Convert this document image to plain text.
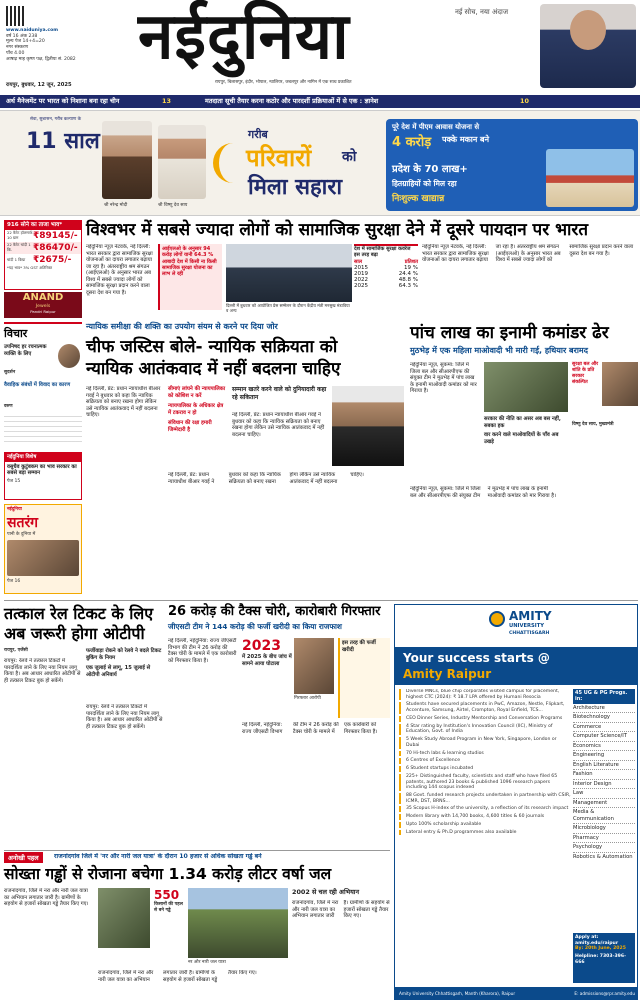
www.naiduniya.com
वर्ष 16 अंक 238
मूल्य पेज 14+4=20
नगर संस्करण
पाँच 4.00
आषाढ़ माह कृष्ण पक्ष, द्वितीया सं. 2082 नईदुनिया	नई सोच, नया अंदाज
रायपुर, बिलासपुर, इंदौर, भोपाल, ग्वालियर, जबलपुर और नागिन में एक साथ प्रकाशित
रायपुर, बुधवार, 12 जून, 2025
अर्थ मैनेजमेंट पर भारत को निशाना बना रहा चीन	13	मतदाता सूची तैयार करना कठोर और पारदर्शी प्रक्रियाओं में से एक : ज्ञानेश	10
सेवा, सुशासन, गरीब कल्याण के
11 साल
श्री नरेन्द्र मोदी	श्री विष्णु देव साय
गरीब
परिवारों को
मिला सहारा
पूरे देश में पीएम आवास योजना से
4 करोड़ पक्के मकान बने
प्रदेश के 70 लाख+
हितग्राहियों को मिल रहा
निःशुल्क खाद्यान्न
916 सोने का ताजा भाव*
22 कैरेट हॉलमार्क 10 ग्राम	₹89145/-
22 कैरेट चांदी 1 कि.	₹86470/-
चांदी 1 किग्रा ₹2675/-
*यह भाव* 3% GST अतिरिक्त
ANAND
Jewels
Pandri Raipur
विचार
उपनिषद हर रचनात्मक व्यक्ति के लिए
सुदर्शन
वैवाहिक संबंधों में विवाद का कारण
वरुण
नईदुनिया विशेष
वसुधैव कुटुंबकम का भाव सरकार का सबसे बड़ा सम्मान
पेज 15
नईदुनिया
सतरंग
पानी के दुनिया में
पेज 16
विश्वभर में सबसे ज्यादा लोगों को सामाजिक सुरक्षा देने में दूसरे पायदान पर भारत
आईएलओ के अनुसार 94 करोड़ लोगों यानी 64.3 % आबादी देश में किसी ना किसी सामाजिक सुरक्षा योजना का लाभ ले रही
नईदुनिया न्यूज़ नेटवर्क, नई दिल्ली: भारत सरकार द्वारा सामाजिक सुरक्षा योजनाओं का दायरा लगातार बढ़ाया जा रहा है। अंतरराष्ट्रीय श्रम संगठन (आईएलओ) के अनुसार भारत अब विश्व में सबसे ज्यादा लोगों को सामाजिक सुरक्षा प्रदान करने वाला दूसरा देश बन गया है।
दिल्ली में बुधवार को आयोजित प्रेस सम्मेलन के दौरान केंद्रीय मंत्री मनसुख मंडाविया व अन्य
देश में सामाजिक सुरक्षा कवरेज इस तरह बढ़ा
साल	प्रतिशत
2015	19 %
2019	24.4 %
2022	48.8 %
2025	64.3 %
नईदुनिया न्यूज़ नेटवर्क, नई दिल्ली: भारत सरकार द्वारा सामाजिक सुरक्षा योजनाओं का दायरा लगातार बढ़ाया जा रहा है। अंतरराष्ट्रीय श्रम संगठन (आईएलओ) के अनुसार भारत अब विश्व में सबसे ज्यादा लोगों को सामाजिक सुरक्षा प्रदान करने वाला दूसरा देश बन गया है।
न्यायिक समीक्षा की शक्ति का उपयोग संयम से करने पर दिया जोर
चीफ जस्टिस बोले- न्यायिक सक्रियता को
न्यायिक आतंकवाद में नहीं बदलना चाहिए
नई दिल्ली, प्रेट: प्रधान न्यायाधीश बीआर गवई ने बुधवार को कहा कि न्यायिक सक्रियता को बनाए रखना होगा लेकिन उसे न्यायिक आतंकवाद में नहीं बदलना चाहिए।
सीमाएं लांघने की न्यायपालिका को कोशिश न करें
न्यायपालिका के अधिकार क्षेत्र में टकराव न हो
संविधान की रक्षा हमारी जिम्मेदारी है
सम्मान खतरे करने वाले को दुनियादारी कहा रहे सकितान
नई दिल्ली, प्रेट: प्रधान न्यायाधीश बीआर गवई ने बुधवार को कहा कि न्यायिक सक्रियता को बनाए रखना होगा लेकिन उसे न्यायिक आतंकवाद में नहीं बदलना चाहिए।
नई दिल्ली, प्रेट: प्रधान न्यायाधीश बीआर गवई ने बुधवार को कहा कि न्यायिक सक्रियता को बनाए रखना होगा लेकिन उसे न्यायिक आतंकवाद में नहीं बदलना चाहिए।
पांच लाख का इनामी कमांडर ढेर
मुठभेड़ में एक महिला माओवादी भी मारी गई, हथियार बरामद
नईदुनिया न्यूज़, सुकमा: जिले में जिला बल और सीआरपीएफ की संयुक्त टीम ने मुठभेड़ में पांच लाख के इनामी माओवादी कमांडर को मार गिराया है।
सरकार की नीति का असर अब बस नहीं, सबका हक
वार करने वाले माओवादियों के पाँव अब उखड़े
सुरक्षा बल और शांति के प्रति सरकार संकल्पित
विष्णु देव साय, मुख्यमंत्री
नईदुनिया न्यूज़, सुकमा: जिले में जिला बल और सीआरपीएफ की संयुक्त टीम ने मुठभेड़ में पांच लाख के इनामी माओवादी कमांडर को मार गिराया है।
तत्काल रेल टिकट के लिए अब जरूरी होगा ओटीपी
रायपुर, एजेंसी	फर्जीवाड़ा रोकने को रेलवे ने बदले टिकट बुकिंग के नियम
एक जुलाई से लागू, 15 जुलाई से ओटीपी अनिवार्य
रायपुर: रेलवे ने तत्काल टिकटों में पारदर्शिता लाने के लिए नया नियम लागू किया है। अब आधार आधारित ओटीपी से ही तत्काल टिकट बुक हो सकेंगे।
रायपुर: रेलवे ने तत्काल टिकटों में पारदर्शिता लाने के लिए नया नियम लागू किया है। अब आधार आधारित ओटीपी से ही तत्काल टिकट बुक हो सकेंगे।
26 करोड़ की टैक्स चोरी, कारोबारी गिरफ्तार
जीएसटी टीम ने 144 करोड़ की फर्जी खरीदी का किया राजफाश
नई दिल्ली, नईदुनिया: राज्य जीएसटी विभाग की टीम ने 26 करोड़ की टैक्स चोरी के मामले में एक कारोबारी को गिरफ्तार किया है।
2023
में 2025 के बीच जांच में सामने आया घोटाला
गिरफ्तार आरोपी
इस तरह की फर्जी खरीदी
नई दिल्ली, नईदुनिया: राज्य जीएसटी विभाग की टीम ने 26 करोड़ की टैक्स चोरी के मामले में एक कारोबारी को गिरफ्तार किया है।
अनोखी पहल	राजनांदगांव जिले में 'नर और नारी जल यात्रा' के दौरान 10 हजार से अधिक सोखता गड्ढे बने
सोख्ता गड्ढों से रोजाना बचेगा 1.34 करोड़ लीटर वर्षा जल
राजनांदगांव, जिले में नरा और नारी जल यात्रा का अभियान लगातार जारी है। ग्रामीणों के सहयोग से हजारों सोखता गड्ढे तैयार किए गए।
550
किसानों की पहल से बने गड्ढे
नर और नारी जल यात्रा
2002 से चल रही अभियान
राजनांदगांव, जिले में नरा और नारी जल यात्रा का अभियान लगातार जारी है। ग्रामीणों के सहयोग से हजारों सोखता गड्ढे तैयार किए गए।
राजनांदगांव, जिले में नरा और नारी जल यात्रा का अभियान लगातार जारी है। ग्रामीणों के सहयोग से हजारों सोखता गड्ढे तैयार किए गए।
AMITY
UNIVERSITY
CHHATTISGARH
Your success starts @
Amity Raipur
Diverse MNCs, blue chip corporates visited campus for placement, highest CTC (2024): ₹ 18.7 LPA offered by Humani Resocia
Students have secured placements in PwC, Amazon, Nestle, Flipkart, Accenture, Samsung, Airtel, Crompton, Royal Enfield, TCS...
CEO Dinner Series, Industry Mentorship and Conversation Programs
4 Star rating by Institution's Innovation Council (IIC), Ministry of Education, Govt. of India
5 Week Study Abroad Program in New York, Singapore, London or Dubai
70 Hi-tech labs & learning studios
6 Centres of Excellence
6 Student startups incubated
225+ Distinguished faculty, scientists and staff who have filed 65 patents, authored 23 books & published 1096 research papers including 144 scopus indexed
88 Govt. funded research projects undertaken in partnership with CSIR, ICMR, DST, BRNS...
35 Scopus H-index of the university, a reflection of its research impact
Modern library with 14,700 books, 4,600 titles & 60 journals
Upto 100% scholarship available
Lateral entry & Ph.D programmes also available
45 UG & PG Progs. in:
Architecture
Biotechnology
Commerce
Computer Science/IT
Economics
Engineering
English Literature
Fashion
Interior Design
Law
Management
Media & Communication
Microbiology
Pharmacy
Psychology
Robotics & Automation
Apply at: amity.edu/raipur
By: 20th June, 2025
Helpline: 7303-396-666
Amity University Chhattisgarh, Manth (Kharora), Raipur	E: admissions@rpr.amity.edu
